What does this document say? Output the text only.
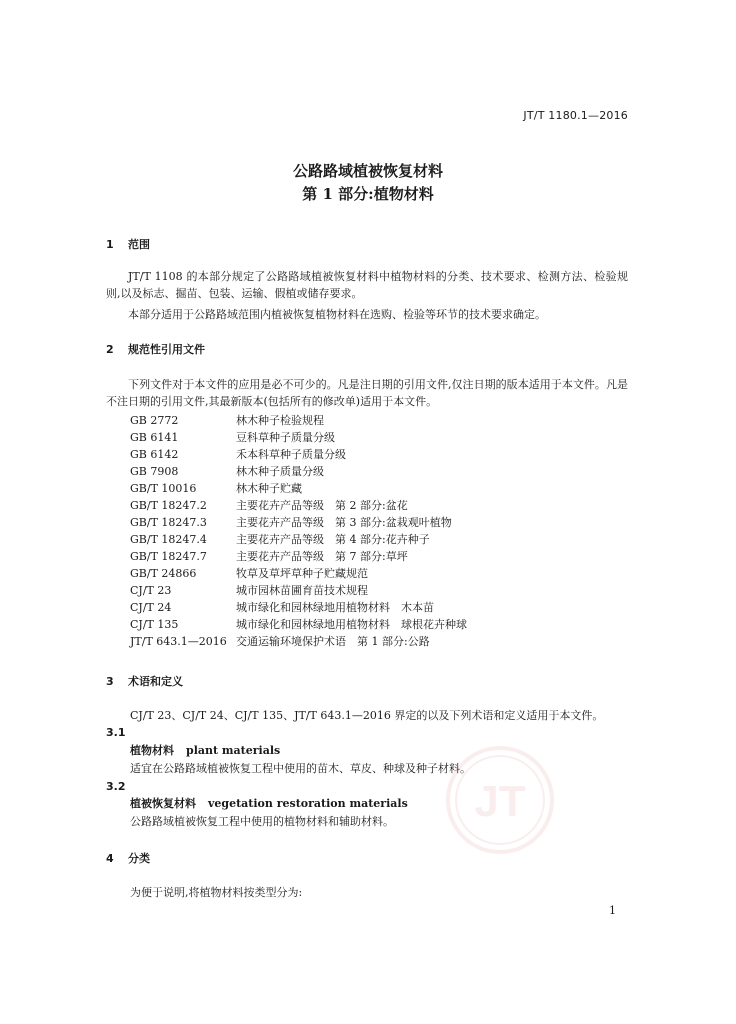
JT/T 1180.1—2016
公路路域植被恢复材料
第 1 部分:植物材料
1 范围
JT/T 1108 的本部分规定了公路路域植被恢复材料中植物材料的分类、技术要求、检测方法、检验规则,以及标志、掘苗、包装、运输、假植或储存要求。
本部分适用于公路路域范围内植被恢复植物材料在选购、检验等环节的技术要求确定。
2 规范性引用文件
下列文件对于本文件的应用是必不可少的。凡是注日期的引用文件,仅注日期的版本适用于本文件。凡是不注日期的引用文件,其最新版本(包括所有的修改单)适用于本文件。
GB 2772	林木种子检验规程
GB 6141	豆科草种子质量分级
GB 6142	禾本科草种子质量分级
GB 7908	林木种子质量分级
GB/T 10016	林木种子贮藏
GB/T 18247.2	主要花卉产品等级　第 2 部分:盆花
GB/T 18247.3	主要花卉产品等级　第 3 部分:盆栽观叶植物
GB/T 18247.4	主要花卉产品等级　第 4 部分:花卉种子
GB/T 18247.7	主要花卉产品等级　第 7 部分:草坪
GB/T 24866	牧草及草坪草种子贮藏规范
CJ/T 23	城市园林苗圃育苗技术规程
CJ/T 24	城市绿化和园林绿地用植物材料　木本苗
CJ/T 135	城市绿化和园林绿地用植物材料　球根花卉种球
JT/T 643.1—2016 交通运输环境保护术语　第 1 部分:公路
3 术语和定义
CJ/T 23、CJ/T 24、CJ/T 135、JT/T 643.1—2016 界定的以及下列术语和定义适用于本文件。
3.1
植物材料 plant materials
适宜在公路路域植被恢复工程中使用的苗木、草皮、种球及种子材料。
3.2
植被恢复材料 vegetation restoration materials
公路路域植被恢复工程中使用的植物材料和辅助材料。
4 分类
为便于说明,将植物材料按类型分为:
JT
1
